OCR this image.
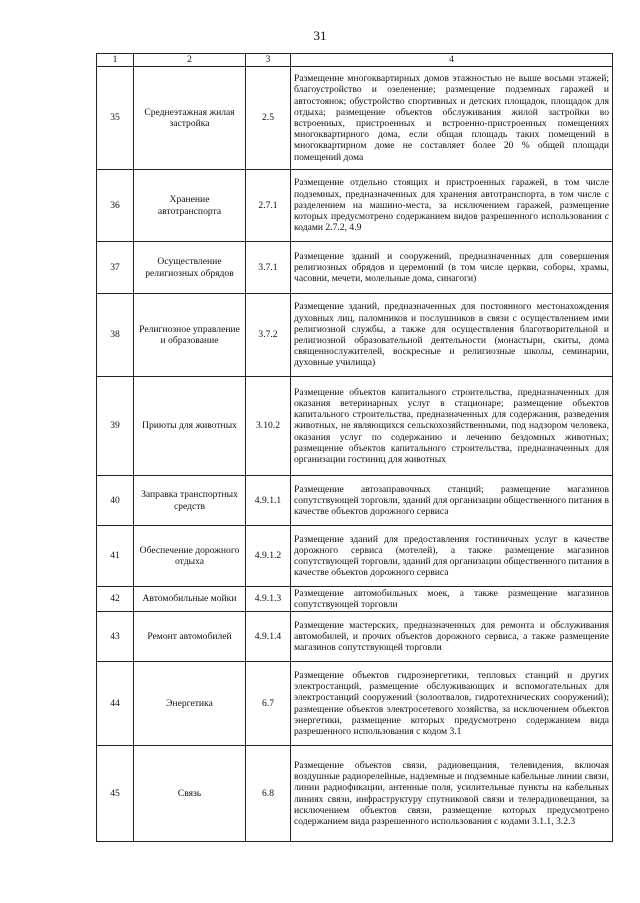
31
1	2	3	4
35	Среднеэтажная жилая застройка	2.5	Размещение многоквартирных домов этажностью не выше восьми этажей; благоустройство и озеленение; размещение подземных гаражей и автостоянок; обустройство спортивных и детских площадок, площадок для отдыха; размещение объектов обслуживания жилой застройки во встроенных, пристроенных и встроенно-пристроенных помещениях многоквартирного дома, если общая площадь таких помещений в многоквартирном доме не составляет более 20 % общей площади помещений дома
36	Хранение автотранспорта	2.7.1	Размещение отдельно стоящих и пристроенных гаражей, в том числе подземных, предназначенных для хранения автотранспорта, в том числе с разделением на машино-места, за исключением гаражей, размещение которых предусмотрено содержанием видов разрешенного использования с кодами 2.7.2, 4.9
37	Осуществление религиозных обрядов	3.7.1	Размещение зданий и сооружений, предназначенных для совершения религиозных обрядов и церемоний (в том числе церкви, соборы, храмы, часовни, мечети, молельные дома, синагоги)
38	Религиозное управление и образование	3.7.2	Размещение зданий, предназначенных для постоянного местонахождения духовных лиц, паломников и послушников в связи с осуществлением ими религиозной службы, а также для осуществления благотворительной и религиозной образовательной деятельности (монастыри, скиты, дома священнослужителей, воскресные и религиозные школы, семинарии, духовные училища)
39	Приюты для животных	3.10.2	Размещение объектов капитального строительства, предназначенных для оказания ветеринарных услуг в стационаре; размещение объектов капитального строительства, предназначенных для содержания, разведения животных, не являющихся сельскохозяйственными, под надзором человека, оказания услуг по содержанию и лечению бездомных животных; размещение объектов капитального строительства, предназначенных для организации гостиниц для животных
40	Заправка транспортных средств	4.9.1.1	Размещение автозаправочных станций; размещение магазинов сопутствующей торговли, зданий для организации общественного питания в качестве объектов дорожного сервиса
41	Обеспечение дорожного отдыха	4.9.1.2	Размещение зданий для предоставления гостиничных услуг в качестве дорожного сервиса (мотелей), а также размещение магазинов сопутствующей торговли, зданий для организации общественного питания в качестве объектов дорожного сервиса
42	Автомобильные мойки	4.9.1.3	Размещение автомобильных моек, а также размещение магазинов сопутствующей торговли
43	Ремонт автомобилей	4.9.1.4	Размещение мастерских, предназначенных для ремонта и обслуживания автомобилей, и прочих объектов дорожного сервиса, а также размещение магазинов сопутствующей торговли
44	Энергетика	6.7	Размещение объектов гидроэнергетики, тепловых станций и других электростанций, размещение обслуживающих и вспомогательных для электростанций сооружений (золоотвалов, гидротехнических сооружений); размещение объектов электросетевого хозяйства, за исключением объектов энергетики, размещение которых предусмотрено содержанием вида разрешенного использования с кодом 3.1
45	Связь	6.8	Размещение объектов связи, радиовещания, телевидения, включая воздушные радиорелейные, надземные и подземные кабельные линии связи, линии радиофикации, антенные поля, усилительные пункты на кабельных линиях связи, инфраструктуру спутниковой связи и телерадиовещания, за исключением объектов связи, размещение которых предусмотрено содержанием вида разрешенного использования с кодами 3.1.1, 3.2.3
